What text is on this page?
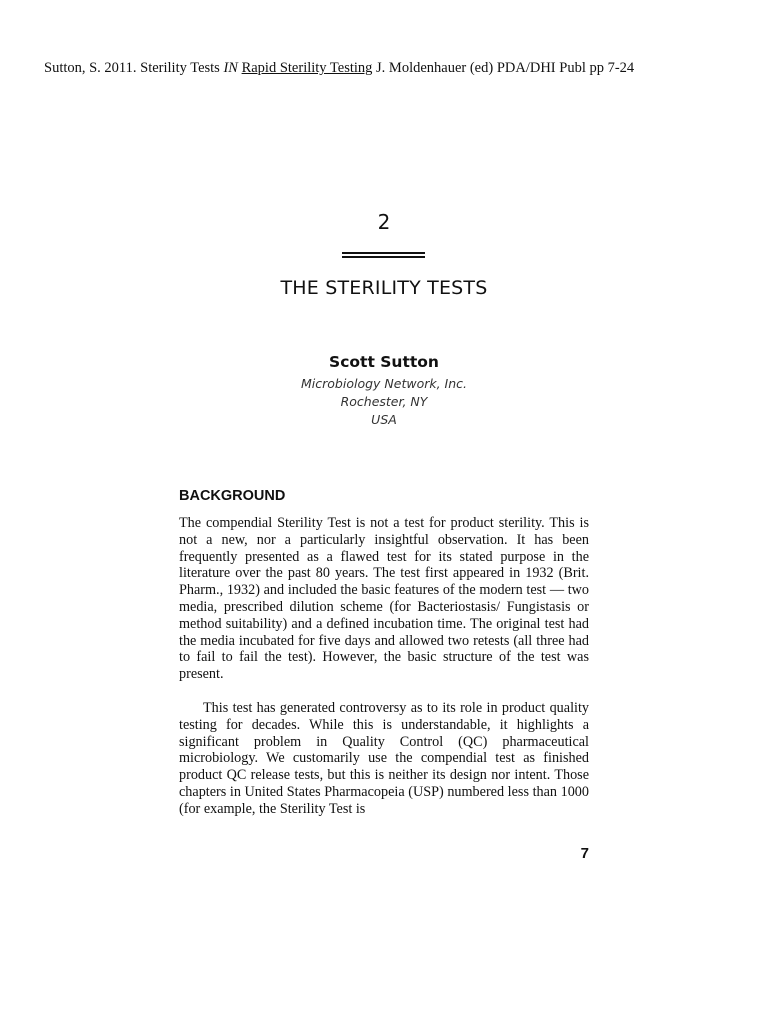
Sutton, S. 2011. Sterility Tests IN Rapid Sterility Testing J. Moldenhauer (ed) PDA/DHI Publ pp 7-24
2
THE STERILITY TESTS
Scott Sutton
Microbiology Network, Inc.
Rochester, NY
USA
BACKGROUND

The compendial Sterility Test is not a test for product sterility. This is not a new, nor a particularly insightful observation. It has been frequently presented as a flawed test for its stated purpose in the literature over the past 80 years. The test first appeared in 1932 (Brit. Pharm., 1932) and included the basic features of the modern test — two media, prescribed dilution scheme (for Bacteriostasis/ Fungistasis or method suitability) and a defined incubation time. The original test had the media incubated for five days and allowed two retests (all three had to fail to fail the test). However, the basic structure of the test was present.

This test has generated controversy as to its role in product quality testing for decades. While this is understandable, it highlights a significant problem in Quality Control (QC) pharmaceutical microbiology. We customarily use the compendial test as finished product QC release tests, but this is neither its design nor intent. Those chapters in United States Pharmacopeia (USP) numbered less than 1000 (for example, the Sterility Test is

7
